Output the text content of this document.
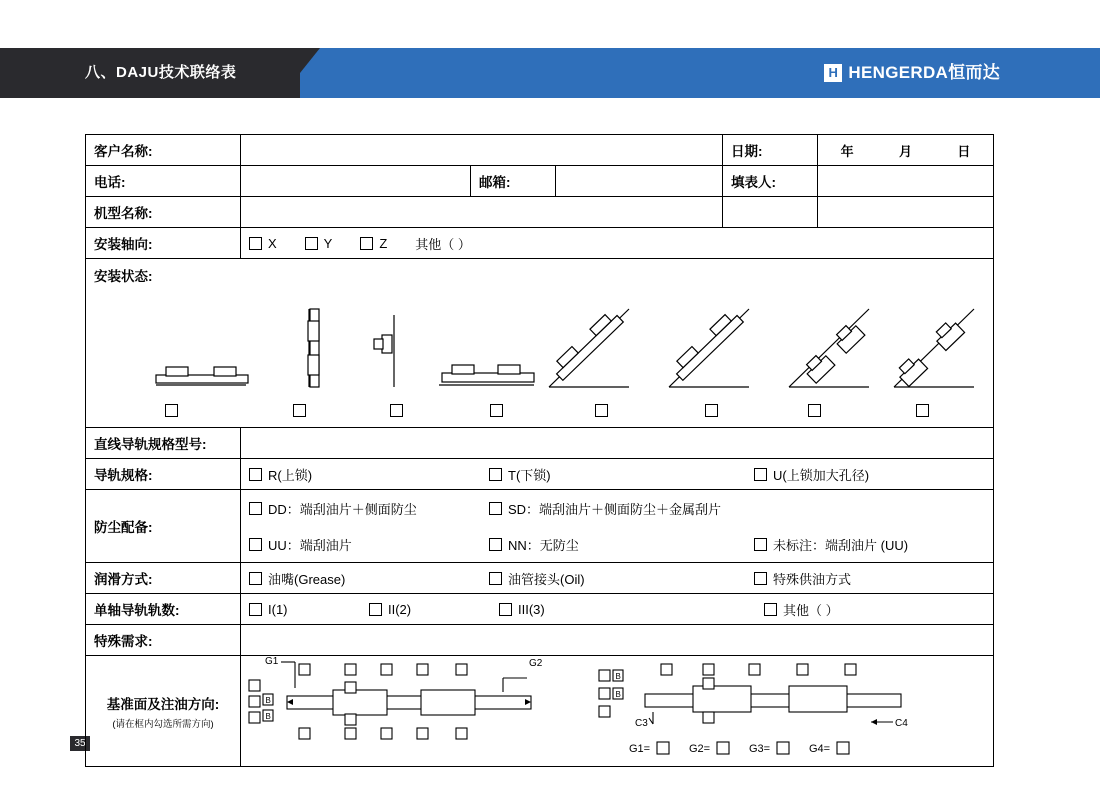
八、DAJU技术联络表	H HENGERDA恒而达
35
客户名称:	日期:	年	月	日
电话:	邮箱:	填表人:
机型名称:
安装轴向:	X	Y	Z 其他（ ）
安装状态:
直线导轨规格型号:
导轨规格:	R(上锁)	T(下锁)	U(上锁加大孔径)
防尘配备:
DD：端刮油片＋侧面防尘	SD：端刮油片＋侧面防尘＋金属刮片
UU：端刮油片	NN：无防尘	未标注：端刮油片 (UU)
润滑方式:	油嘴(Grease)	油管接头(Oil)	特殊供油方式
单轴导轨轨数:	I(1)	II(2)	III(3)	其他（ ）
特殊需求:
基准面及注油方向:
(请在框内勾选所需方向)
B
B
G1	G2
B
B
C3	C4
G1=	G2=	G3=	G4=
